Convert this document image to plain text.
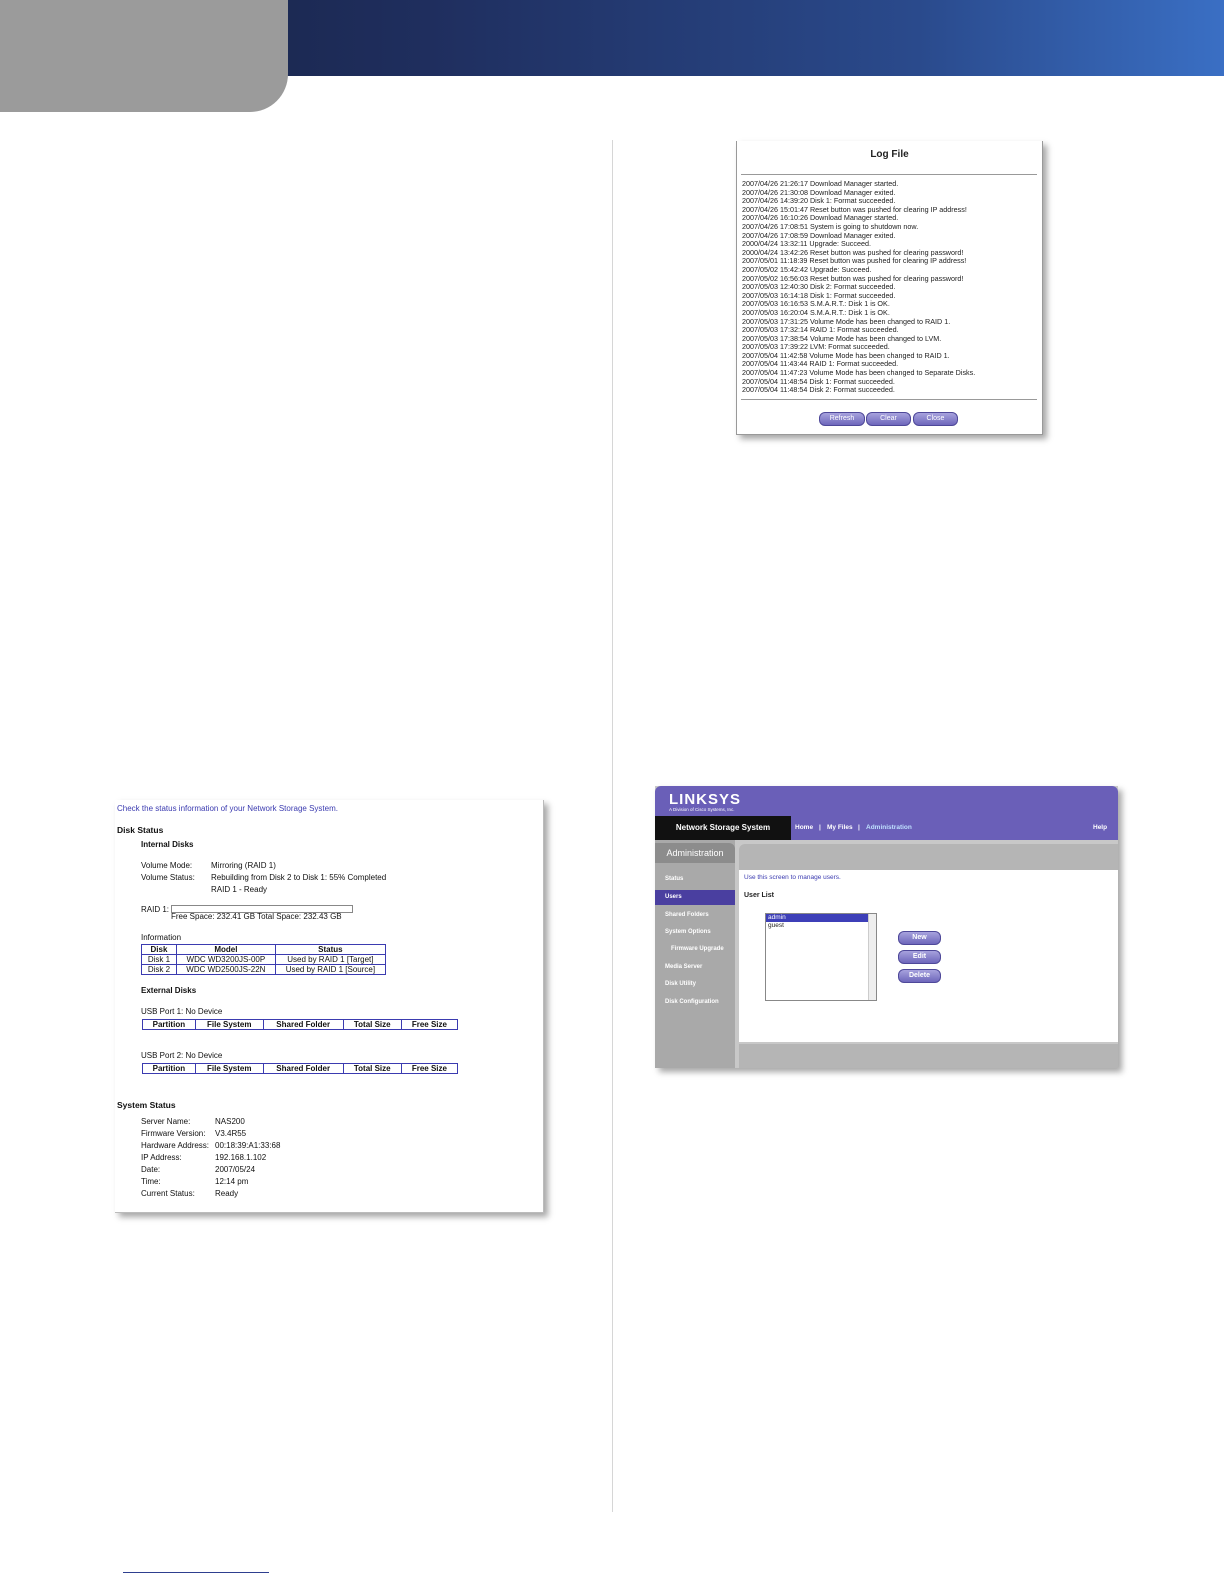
Check the status information of your Network Storage System.
Disk Status
Internal Disks
Volume Mode: Mirroring (RAID 1)
Volume Status: Rebuilding from Disk 2 to Disk 1: 55% Completed
RAID 1 - Ready
RAID 1:
Free Space: 232.41 GB Total Space: 232.43 GB
Information
Disk	Model	Status
Disk 1	WDC WD3200JS-00P	Used by RAID 1 [Target]
Disk 2	WDC WD2500JS-22N	Used by RAID 1 [Source]
External Disks
USB Port 1: No Device
Partition	File System	Shared Folder	Total Size	Free Size
USB Port 2: No Device
Partition	File System	Shared Folder	Total Size	Free Size
System Status
Server Name:	NAS200
Firmware Version: V3.4R55
Hardware Address: 00:18:39:A1:33:68
IP Address:	192.168.1.102
Date:	2007/05/24
Time:	12:14 pm
Current Status:	Ready
Log File
2007/04/26 21:26:17 Download Manager started.
2007/04/26 21:30:08 Download Manager exited.
2007/04/26 14:39:20 Disk 1: Format succeeded.
2007/04/26 15:01:47 Reset button was pushed for clearing IP address!
2007/04/26 16:10:26 Download Manager started.
2007/04/26 17:08:51 System is going to shutdown now.
2007/04/26 17:08:59 Download Manager exited.
2000/04/24 13:32:11 Upgrade: Succeed.
2000/04/24 13:42:26 Reset button was pushed for clearing password!
2007/05/01 11:18:39 Reset button was pushed for clearing IP address!
2007/05/02 15:42:42 Upgrade: Succeed.
2007/05/02 16:56:03 Reset button was pushed for clearing password!
2007/05/03 12:40:30 Disk 2: Format succeeded.
2007/05/03 16:14:18 Disk 1: Format succeeded.
2007/05/03 16:16:53 S.M.A.R.T.: Disk 1 is OK.
2007/05/03 16:20:04 S.M.A.R.T.: Disk 1 is OK.
2007/05/03 17:31:25 Volume Mode has been changed to RAID 1.
2007/05/03 17:32:14 RAID 1: Format succeeded.
2007/05/03 17:38:54 Volume Mode has been changed to LVM.
2007/05/03 17:39:22 LVM: Format succeeded.
2007/05/04 11:42:58 Volume Mode has been changed to RAID 1.
2007/05/04 11:43:44 RAID 1: Format succeeded.
2007/05/04 11:47:23 Volume Mode has been changed to Separate Disks.
2007/05/04 11:48:54 Disk 1: Format succeeded.
2007/05/04 11:48:54 Disk 2: Format succeeded.
Refresh	Clear	Close
LINKSYS
A Division of Cisco Systems, Inc.
Network Storage System	Home | My Files | Administration	Help
Administration
Status
Users
Shared Folders
System Options
Firmware Upgrade
Media Server
Disk Utility
Disk Configuration
Use this screen to manage users.
User List
admin
guest
New
Edit
Delete
